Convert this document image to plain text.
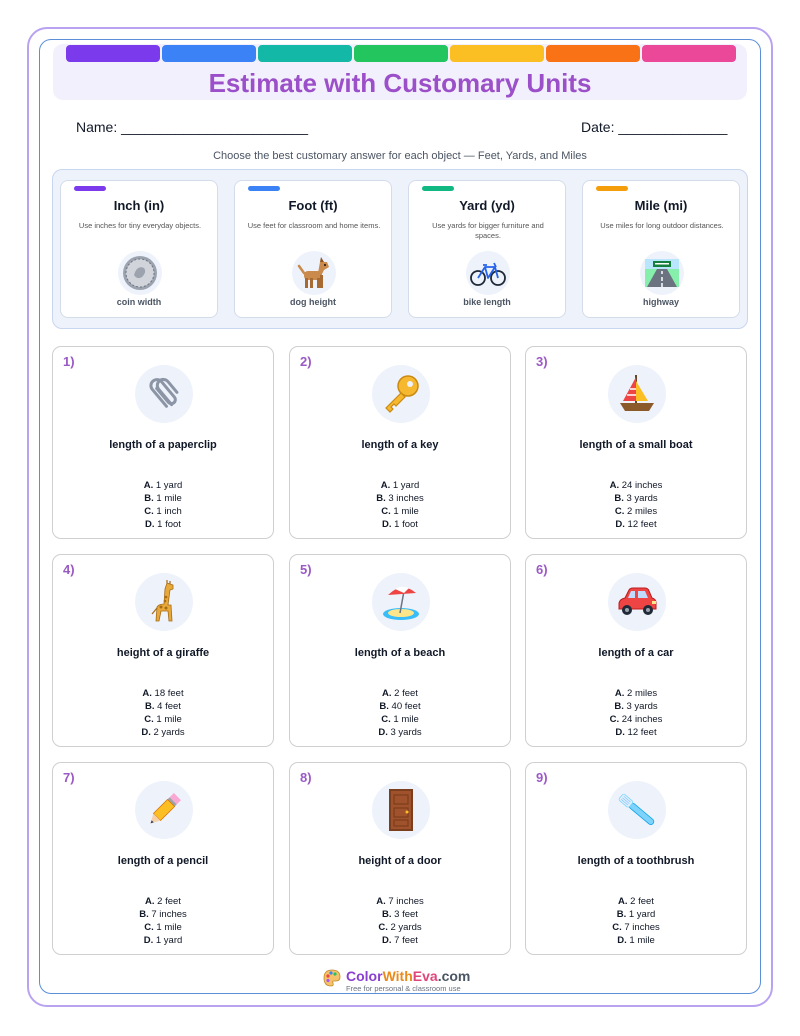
Estimate with Customary Units
Name: ________________________	Date: ______________
Choose the best customary answer for each object — Feet, Yards, and Miles
Inch (in)
Use inches for tiny everyday objects.
coin width
Foot (ft)
Use feet for classroom and home items.
dog height
Yard (yd)
Use yards for bigger furniture and spaces.
bike length
Mile (mi)
Use miles for long outdoor distances.
highway
1)
length of a paperclip
A. 1 yard
B. 1 mile
C. 1 inch
D. 1 foot
2)
length of a key
A. 1 yard
B. 3 inches
C. 1 mile
D. 1 foot
3)
length of a small boat
A. 24 inches
B. 3 yards
C. 2 miles
D. 12 feet
4)
height of a giraffe
A. 18 feet
B. 4 feet
C. 1 mile
D. 2 yards
5)
length of a beach
A. 2 feet
B. 40 feet
C. 1 mile
D. 3 yards
6)
length of a car
A. 2 miles
B. 3 yards
C. 24 inches
D. 12 feet
7)
length of a pencil
A. 2 feet
B. 7 inches
C. 1 mile
D. 1 yard
8)
height of a door
A. 7 inches
B. 3 feet
C. 2 yards
D. 7 feet
9)
length of a toothbrush
A. 2 feet
B. 1 yard
C. 7 inches
D. 1 mile
ColorWithEva.com
Free for personal & classroom use
